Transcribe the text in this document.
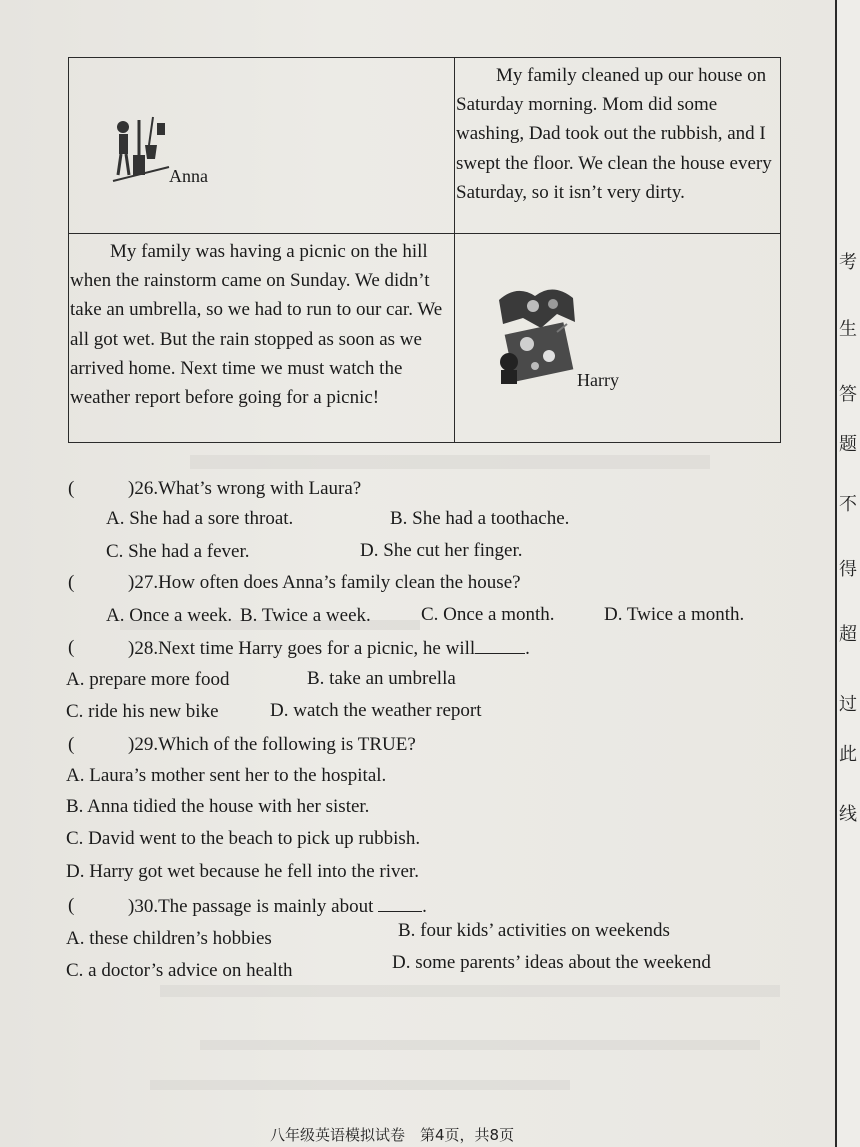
Anna	My family cleaned up our house on Saturday morning. Mom did some washing, Dad took out the rubbish, and I swept the floor. We clean the house every Saturday, so it isn’t very dirty.

My family was having a picnic on the hill when the rainstorm came on Sunday. We didn’t take an umbrella, so we had to run to our car. We all got wet. But the rain stopped as soon as we arrived home. Next time we must watch the weather report before going for a picnic!	Harry
(	)26.What’s wrong with Laura?
A. She had a sore throat.	B. She had a toothache.
C. She had a fever.	D. She cut her finger.
(	)27.How often does Anna’s family clean the house?
A. Once a week. B. Twice a week.	C. Once a month.	D. Twice a month.
(	)28.Next time Harry goes for a picnic, he will	.
A. prepare more food	B. take an umbrella
C. ride his new bike	D. watch the weather report
(	)29.Which of the following is TRUE?
A. Laura’s mother sent her to the hospital.
B. Anna tidied the house with her sister.
C. David went to the beach to pick up rubbish.
D. Harry got wet because he fell into the river.
(	)30.The passage is mainly about	.
A. these children’s hobbies	B. four kids’ activities on weekends
C. a doctor’s advice on health	D. some parents’ ideas about the weekend
八年级英语模拟试卷　第4页，共8页
考
生
答
题
不
得
超
过
此
线
